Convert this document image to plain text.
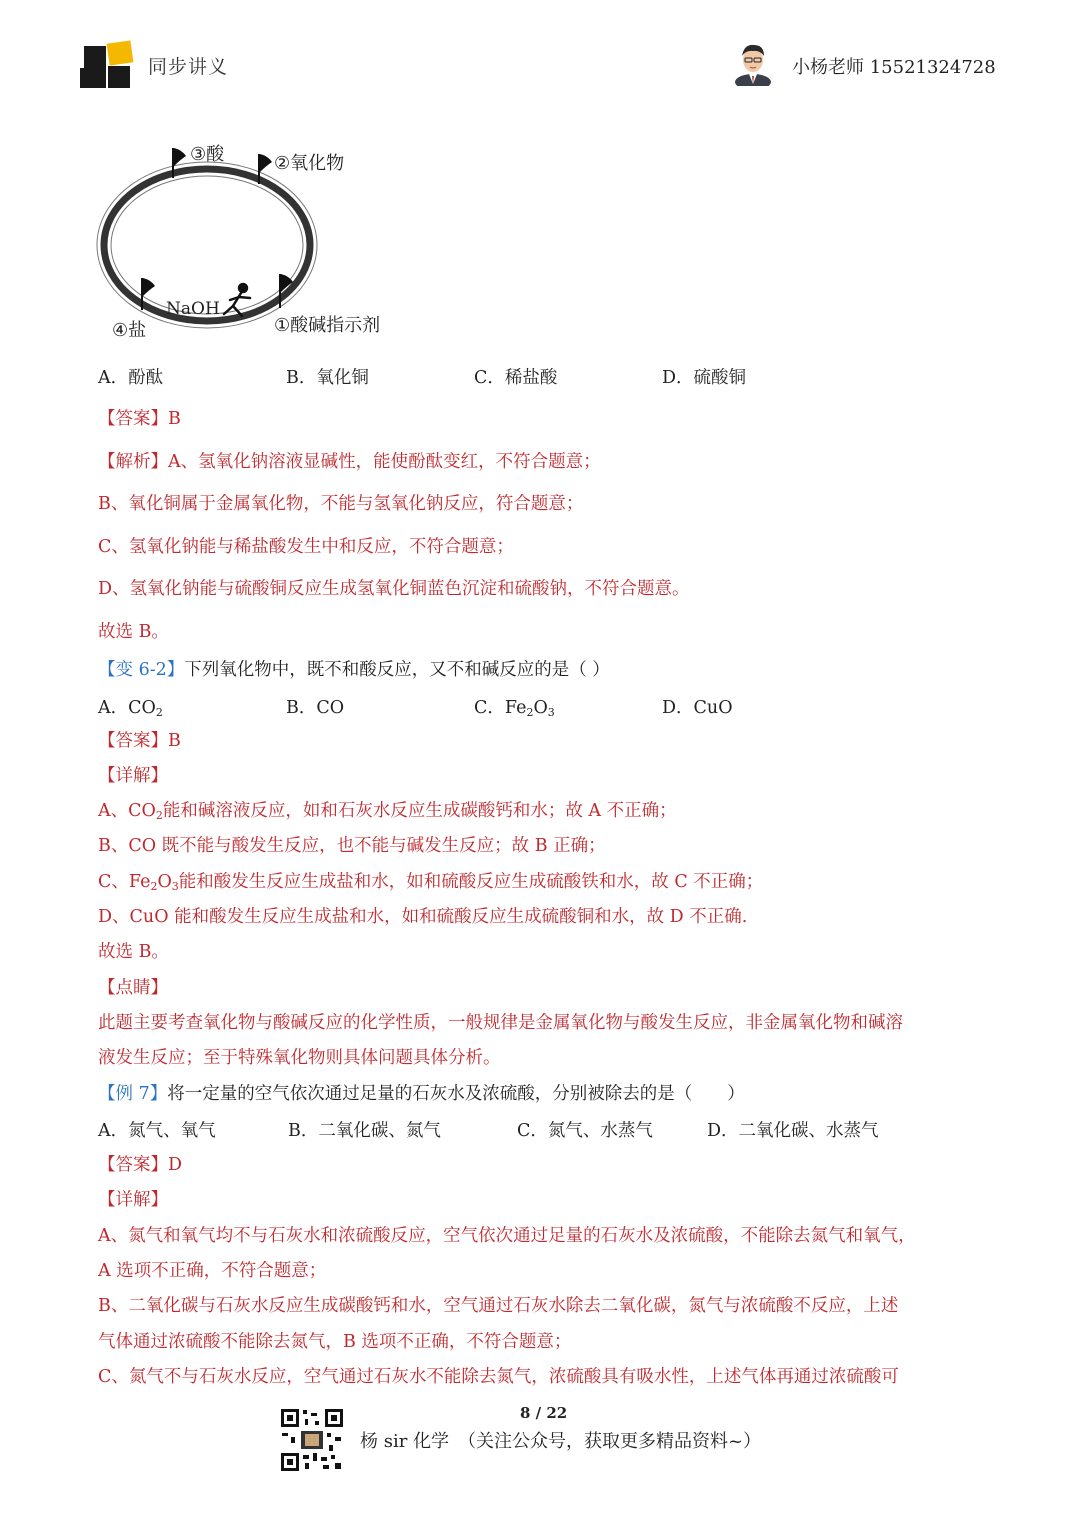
同步讲义	小杨老师 15521324728
③酸	②氧化物
④盐	①酸碱指示剂
NaOH
A．酚酞	B．氧化铜	C．稀盐酸	D．硫酸铜
【答案】B
【解析】A、氢氧化钠溶液显碱性，能使酚酞变红，不符合题意；
B、氧化铜属于金属氧化物，不能与氢氧化钠反应，符合题意；
C、氢氧化钠能与稀盐酸发生中和反应，不符合题意；
D、氢氧化钠能与硫酸铜反应生成氢氧化铜蓝色沉淀和硫酸钠，不符合题意。
故选 B。
【变 6-2】下列氧化物中，既不和酸反应，又不和碱反应的是（ ）
A．$CO_2$	B．CO	C．$Fe_2O_3$	D．CuO
【答案】B
【详解】
A、$CO_2$能和碱溶液反应，如和石灰水反应生成碳酸钙和水；故 A 不正确；
B、CO 既不能与酸发生反应，也不能与碱发生反应；故 B 正确；
C、$Fe_2O_3$能和酸发生反应生成盐和水，如和硫酸反应生成硫酸铁和水，故 C 不正确；
D、CuO 能和酸发生反应生成盐和水，如和硫酸反应生成硫酸铜和水，故 D 不正确.
故选 B。
【点睛】
此题主要考查氧化物与酸碱反应的化学性质，一般规律是金属氧化物与酸发生反应，非金属氧化物和碱溶
液发生反应；至于特殊氧化物则具体问题具体分析。
【例 7】将一定量的空气依次通过足量的石灰水及浓硫酸，分别被除去的是（　　）
A．氮气、氧气	B．二氧化碳、氮气	C．氮气、水蒸气	D．二氧化碳、水蒸气
【答案】D
【详解】
A、氮气和氧气均不与石灰水和浓硫酸反应，空气依次通过足量的石灰水及浓硫酸，不能除去氮气和氧气，
A 选项不正确，不符合题意；
B、二氧化碳与石灰水反应生成碳酸钙和水，空气通过石灰水除去二氧化碳，氮气与浓硫酸不反应，上述
气体通过浓硫酸不能除去氮气，B 选项不正确，不符合题意；
C、氮气不与石灰水反应，空气通过石灰水不能除去氮气，浓硫酸具有吸水性，上述气体再通过浓硫酸可
8 / 22
杨 sir 化学　（关注公众号，获取更多精品资料~）
